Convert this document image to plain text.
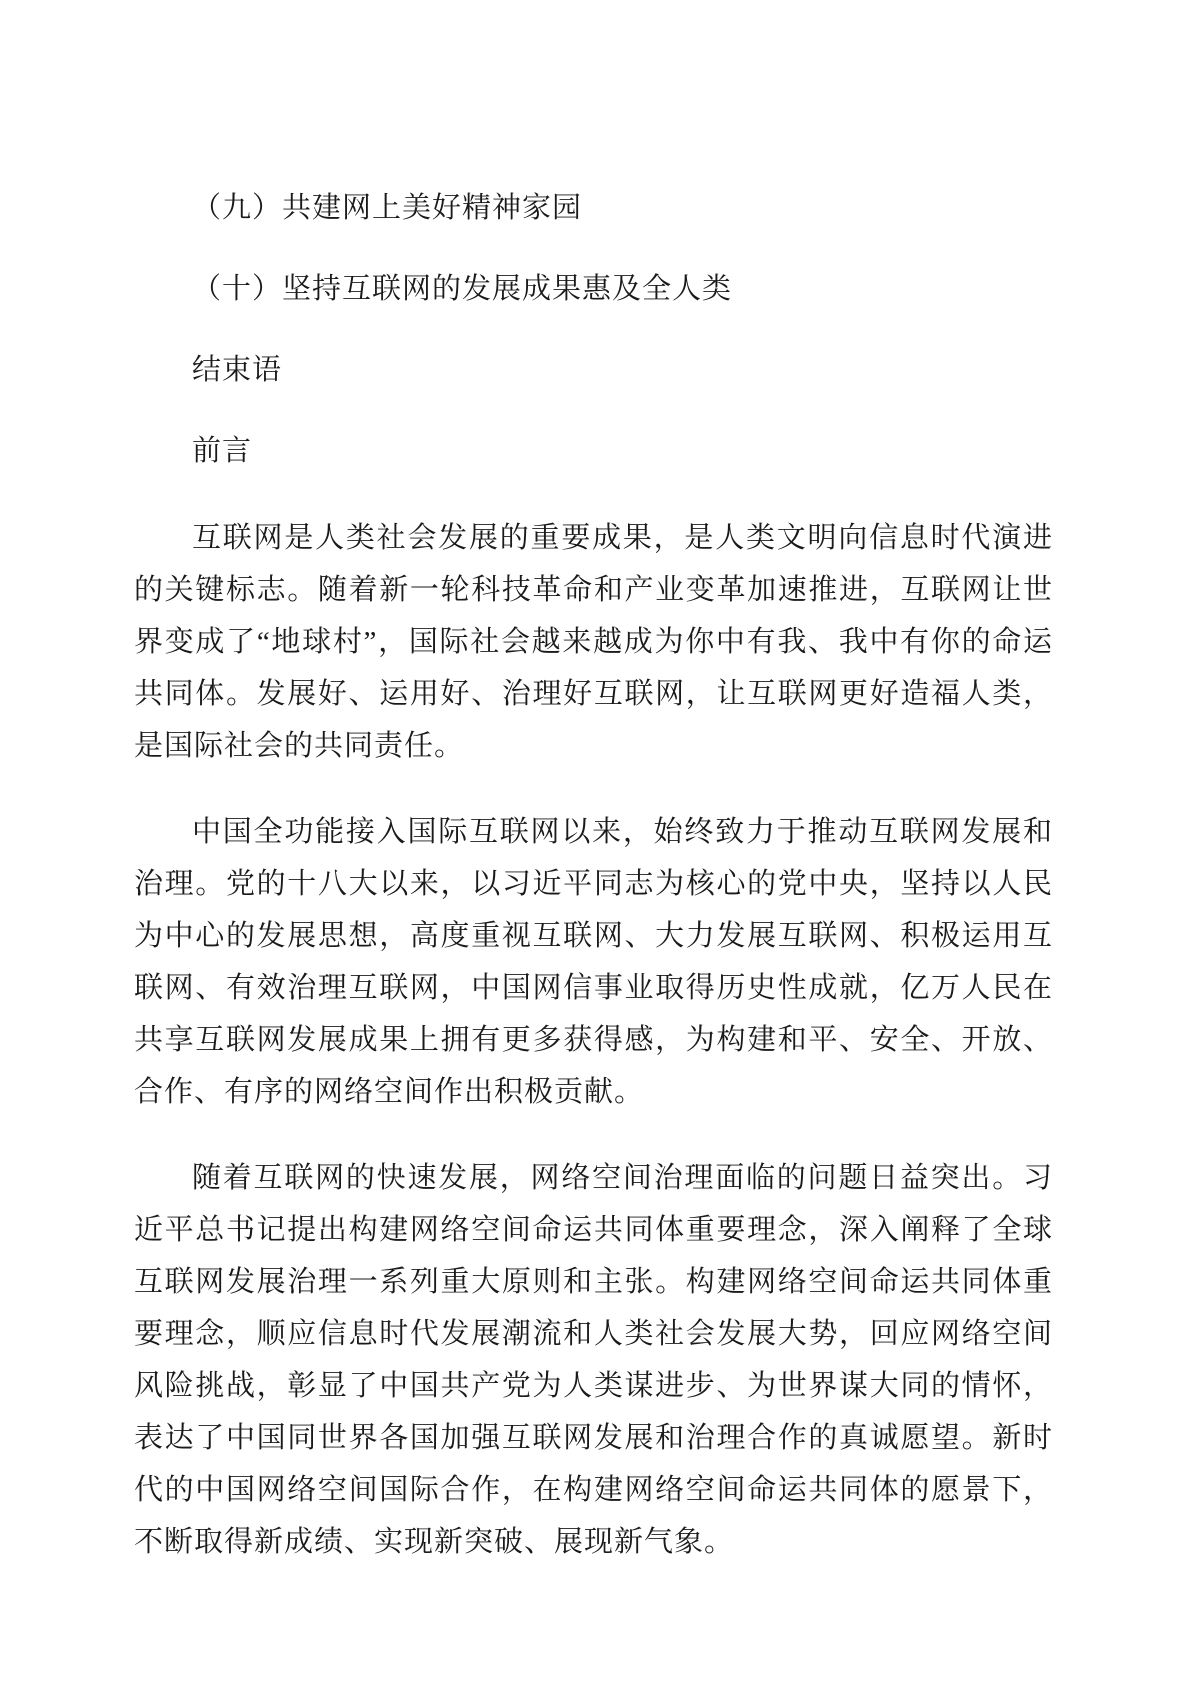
（九）共建网上美好精神家园
（十）坚持互联网的发展成果惠及全人类
结束语
前言

互联网是人类社会发展的重要成果，是人类文明向信息时代演进的关键标志。随着新一轮科技革命和产业变革加速推进，互联网让世界变成了“地球村”，国际社会越来越成为你中有我、我中有你的命运共同体。发展好、运用好、治理好互联网，让互联网更好造福人类，是国际社会的共同责任。

中国全功能接入国际互联网以来，始终致力于推动互联网发展和治理。党的十八大以来，以习近平同志为核心的党中央，坚持以人民为中心的发展思想，高度重视互联网、大力发展互联网、积极运用互联网、有效治理互联网，中国网信事业取得历史性成就，亿万人民在共享互联网发展成果上拥有更多获得感，为构建和平、安全、开放、合作、有序的网络空间作出积极贡献。

随着互联网的快速发展，网络空间治理面临的问题日益突出。习近平总书记提出构建网络空间命运共同体重要理念，深入阐释了全球互联网发展治理一系列重大原则和主张。构建网络空间命运共同体重要理念，顺应信息时代发展潮流和人类社会发展大势，回应网络空间风险挑战，彰显了中国共产党为人类谋进步、为世界谋大同的情怀，表达了中国同世界各国加强互联网发展和治理合作的真诚愿望。新时代的中国网络空间国际合作，在构建网络空间命运共同体的愿景下，不断取得新成绩、实现新突破、展现新气象。
